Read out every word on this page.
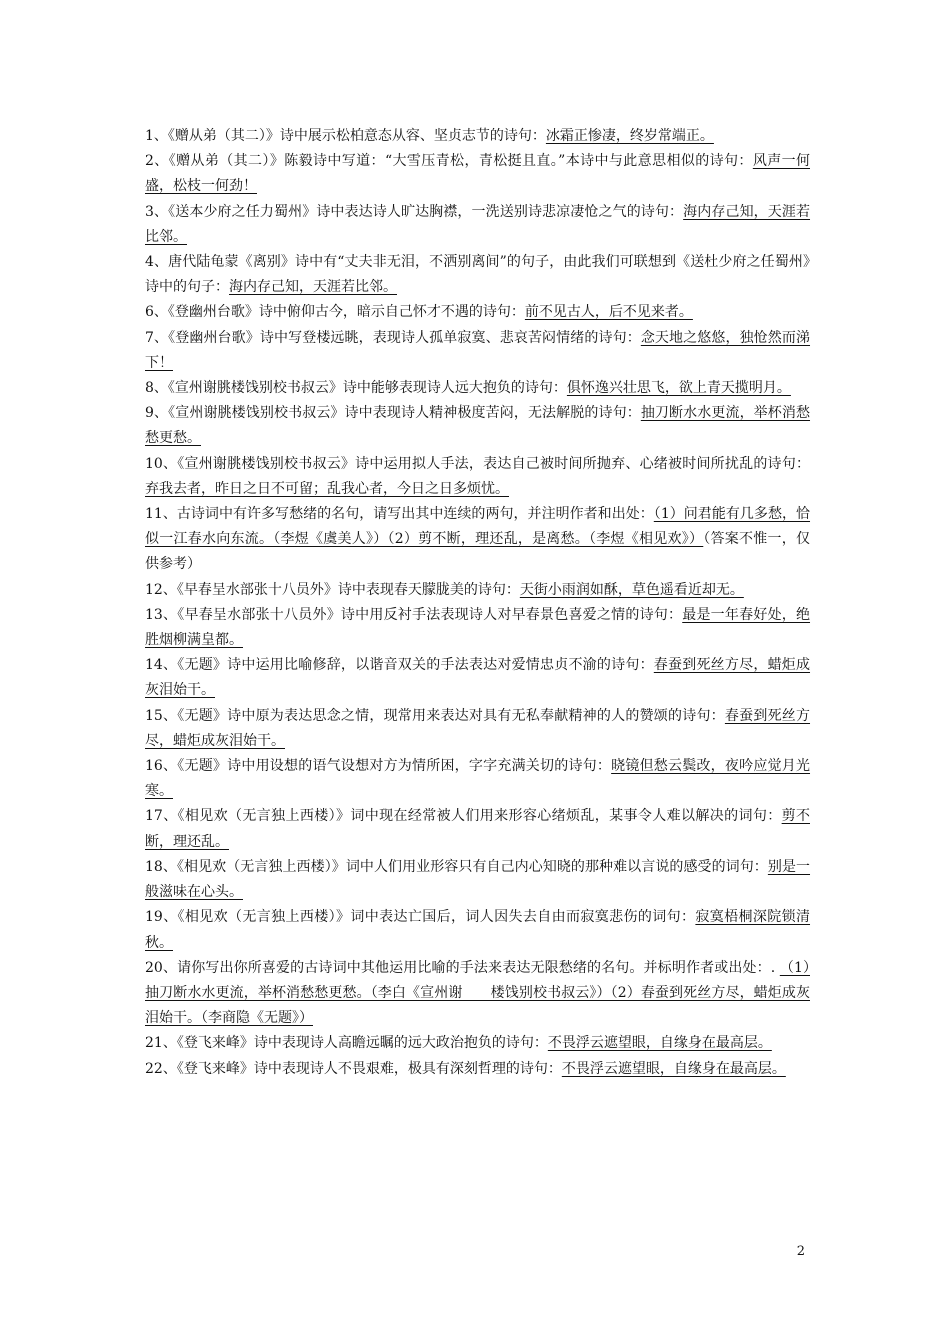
1、《赠从弟（其二）》诗中展示松柏意态从容、坚贞志节的诗句：冰霜正惨凄，终岁常端正。

2、《赠从弟（其二）》陈毅诗中写道：“大雪压青松，青松挺且直。”本诗中与此意思相似的诗句：风声一何盛，松枝一何劲！

3、《送本少府之任力蜀州》诗中表达诗人旷达胸襟，一洗送别诗悲凉凄怆之气的诗句：海内存己知，天涯若比邻。

4、唐代陆龟蒙《离别》诗中有“丈夫非无泪，不洒别离间”的句子，由此我们可联想到《送杜少府之任蜀州》诗中的句子：海内存己知，天涯若比邻。

6、《登幽州台歌》诗中俯仰古今，暗示自己怀才不遇的诗句：前不见古人，后不见来者。

7、《登幽州台歌》诗中写登楼远眺，表现诗人孤单寂寞、悲哀苦闷情绪的诗句：念天地之悠悠，独怆然而涕下！

8、《宣州谢朓楼饯别校书叔云》诗中能够表现诗人远大抱负的诗句：俱怀逸兴壮思飞，欲上青天揽明月。

9、《宣州谢朓楼饯别校书叔云》诗中表现诗人精神极度苦闷，无法解脱的诗句：抽刀断水水更流，举杯消愁愁更愁。

10、《宣州谢朓楼饯别校书叔云》诗中运用拟人手法，表达自己被时间所抛弃、心绪被时间所扰乱的诗句：弃我去者，昨日之日不可留；乱我心者，今日之日多烦忧。

11、古诗词中有许多写愁绪的名句，请写出其中连续的两句，并注明作者和出处：（1）问君能有几多愁，恰似一江春水向东流。（李煜《虞美人》）（2）剪不断，理还乱，是离愁。（李煜《相见欢》）（答案不惟一，仅供参考）

12、《早春呈水部张十八员外》诗中表现春天朦胧美的诗句：天街小雨润如酥，草色遥看近却无。

13、《早春呈水部张十八员外》诗中用反衬手法表现诗人对早春景色喜爱之情的诗句：最是一年春好处，绝胜烟柳满皇都。

14、《无题》诗中运用比喻修辞，以谐音双关的手法表达对爱情忠贞不渝的诗句：春蚕到死丝方尽，蜡炬成灰泪始干。

15、《无题》诗中原为表达思念之情，现常用来表达对具有无私奉献精神的人的赞颂的诗句：春蚕到死丝方尽，蜡炬成灰泪始干。

16、《无题》诗中用设想的语气设想对方为情所困，字字充满关切的诗句：晓镜但愁云鬓改，夜吟应觉月光寒。

17、《相见欢（无言独上西楼）》词中现在经常被人们用来形容心绪烦乱，某事令人难以解决的词句：剪不断，理还乱。

18、《相见欢（无言独上西楼）》词中人们用业形容只有自己内心知晓的那种难以言说的感受的词句：别是一般滋味在心头。

19、《相见欢（无言独上西楼）》词中表达亡国后，词人因失去自由而寂寞悲伤的词句：寂寞梧桐深院锁清秋。

20、请你写出你所喜爱的古诗词中其他运用比喻的手法来表达无限愁绪的名句。并标明作者或出处：. （1）抽刀断水水更流，举杯消愁愁更愁。（李白《宣州谢　　楼饯别校书叔云》）（2）春蚕到死丝方尽，蜡炬成灰泪始干。（李商隐《无题》）

21、《登飞来峰》诗中表现诗人高瞻远瞩的远大政治抱负的诗句：不畏浮云遮望眼，自缘身在最高层。

22、《登飞来峰》诗中表现诗人不畏艰难，极具有深刻哲理的诗句：不畏浮云遮望眼，自缘身在最高层。

2
